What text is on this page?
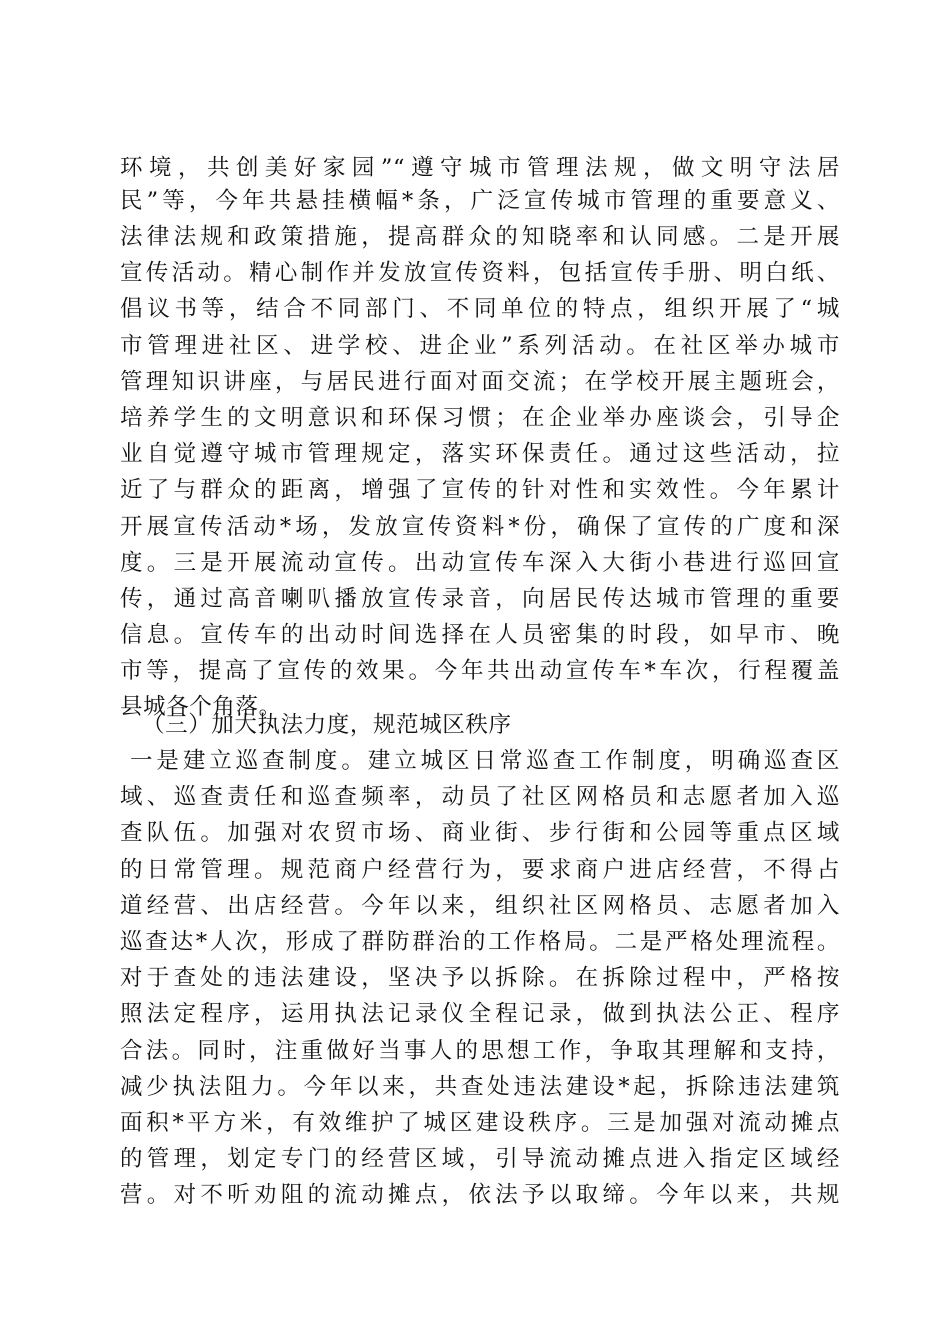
环境，共创美好家园”“遵守城市管理法规，做文明守法居
民”等，今年共悬挂横幅*条，广泛宣传城市管理的重要意义、
法律法规和政策措施，提高群众的知晓率和认同感。二是开展
宣传活动。精心制作并发放宣传资料，包括宣传手册、明白纸、
倡议书等，结合不同部门、不同单位的特点，组织开展了“城
市管理进社区、进学校、进企业”系列活动。在社区举办城市
管理知识讲座，与居民进行面对面交流；在学校开展主题班会，
培养学生的文明意识和环保习惯；在企业举办座谈会，引导企
业自觉遵守城市管理规定，落实环保责任。通过这些活动，拉
近了与群众的距离，增强了宣传的针对性和实效性。今年累计
开展宣传活动*场，发放宣传资料*份，确保了宣传的广度和深
度。三是开展流动宣传。出动宣传车深入大街小巷进行巡回宣
传，通过高音喇叭播放宣传录音，向居民传达城市管理的重要
信息。宣传车的出动时间选择在人员密集的时段，如早市、晚
市等，提高了宣传的效果。今年共出动宣传车*车次，行程覆盖
县城各个角落。
（三）加大执法力度，规范城区秩序
一是建立巡查制度。建立城区日常巡查工作制度，明确巡查区
域、巡查责任和巡查频率，动员了社区网格员和志愿者加入巡
查队伍。加强对农贸市场、商业街、步行街和公园等重点区域
的日常管理。规范商户经营行为，要求商户进店经营，不得占
道经营、出店经营。今年以来，组织社区网格员、志愿者加入
巡查达*人次，形成了群防群治的工作格局。二是严格处理流程。
对于查处的违法建设，坚决予以拆除。在拆除过程中，严格按
照法定程序，运用执法记录仪全程记录，做到执法公正、程序
合法。同时，注重做好当事人的思想工作，争取其理解和支持，
减少执法阻力。今年以来，共查处违法建设*起，拆除违法建筑
面积*平方米，有效维护了城区建设秩序。三是加强对流动摊点
的管理，划定专门的经营区域，引导流动摊点进入指定区域经
营。对不听劝阻的流动摊点，依法予以取缔。今年以来，共规
